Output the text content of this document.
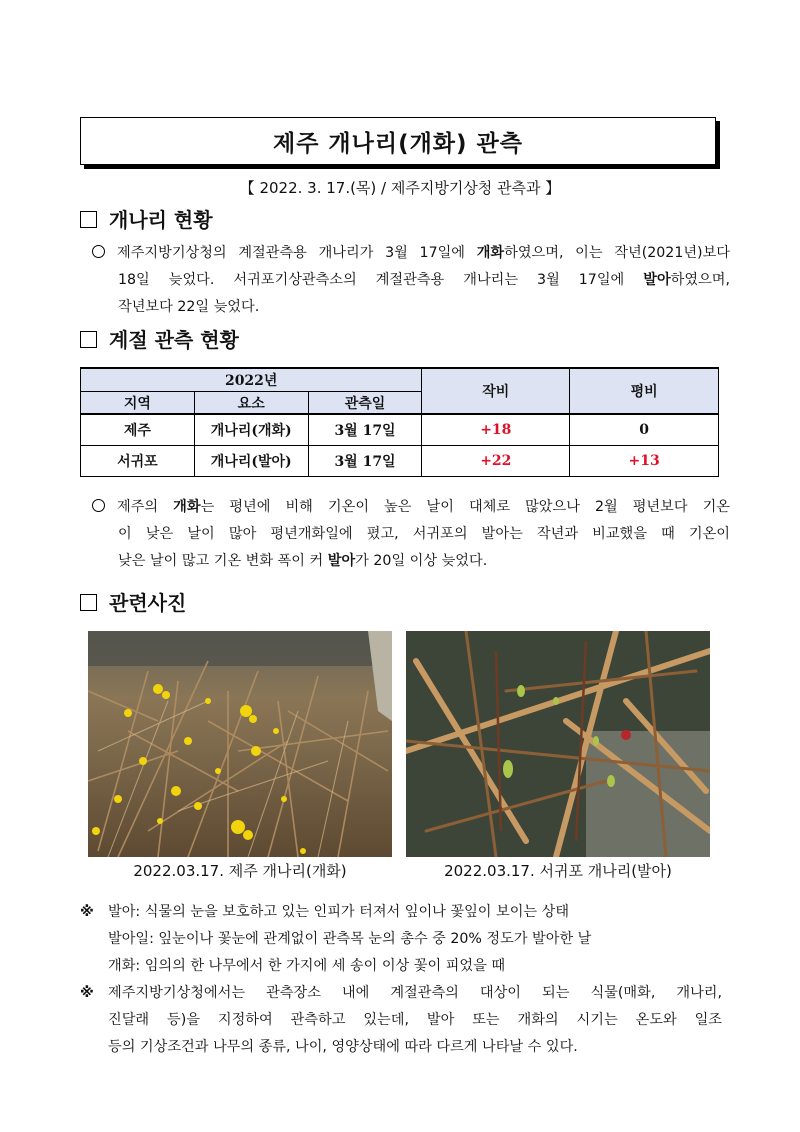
제주 개나리(개화) 관측
【 2022. 3. 17.(목) / 제주지방기상청 관측과 】
개나리 현황
제주지방기상청의 계절관측용 개나리가 3월 17일에 개화하였으며, 이는 작년(2021년)보다
18일 늦었다. 서귀포기상관측소의 계절관측용 개나리는 3월 17일에 발아하였으며,
작년보다 22일 늦었다.
계절 관측 현황
2022년			작비	평비
지역	요소	관측일		
제주	개나리(개화)	3월 17일	+18	0
서귀포	개나리(발아)	3월 17일	+22	+13
제주의 개화는 평년에 비해 기온이 높은 날이 대체로 많았으나 2월 평년보다 기온
이 낮은 날이 많아 평년개화일에 폈고, 서귀포의 발아는 작년과 비교했을 때 기온이
낮은 날이 많고 기온 변화 폭이 커 발아가 20일 이상 늦었다.
관련사진
2022.03.17. 제주 개나리(개화)	2022.03.17. 서귀포 개나리(발아)
※ 발아: 식물의 눈을 보호하고 있는 인피가 터져서 잎이나 꽃잎이 보이는 상태
발아일: 잎눈이나 꽃눈에 관계없이 관측목 눈의 총수 중 20% 정도가 발아한 날
개화: 임의의 한 나무에서 한 가지에 세 송이 이상 꽃이 피었을 때
※ 제주지방기상청에서는 관측장소 내에 계절관측의 대상이 되는 식물(매화, 개나리,
진달래 등)을 지정하여 관측하고 있는데, 발아 또는 개화의 시기는 온도와 일조
등의 기상조건과 나무의 종류, 나이, 영양상태에 따라 다르게 나타날 수 있다.
